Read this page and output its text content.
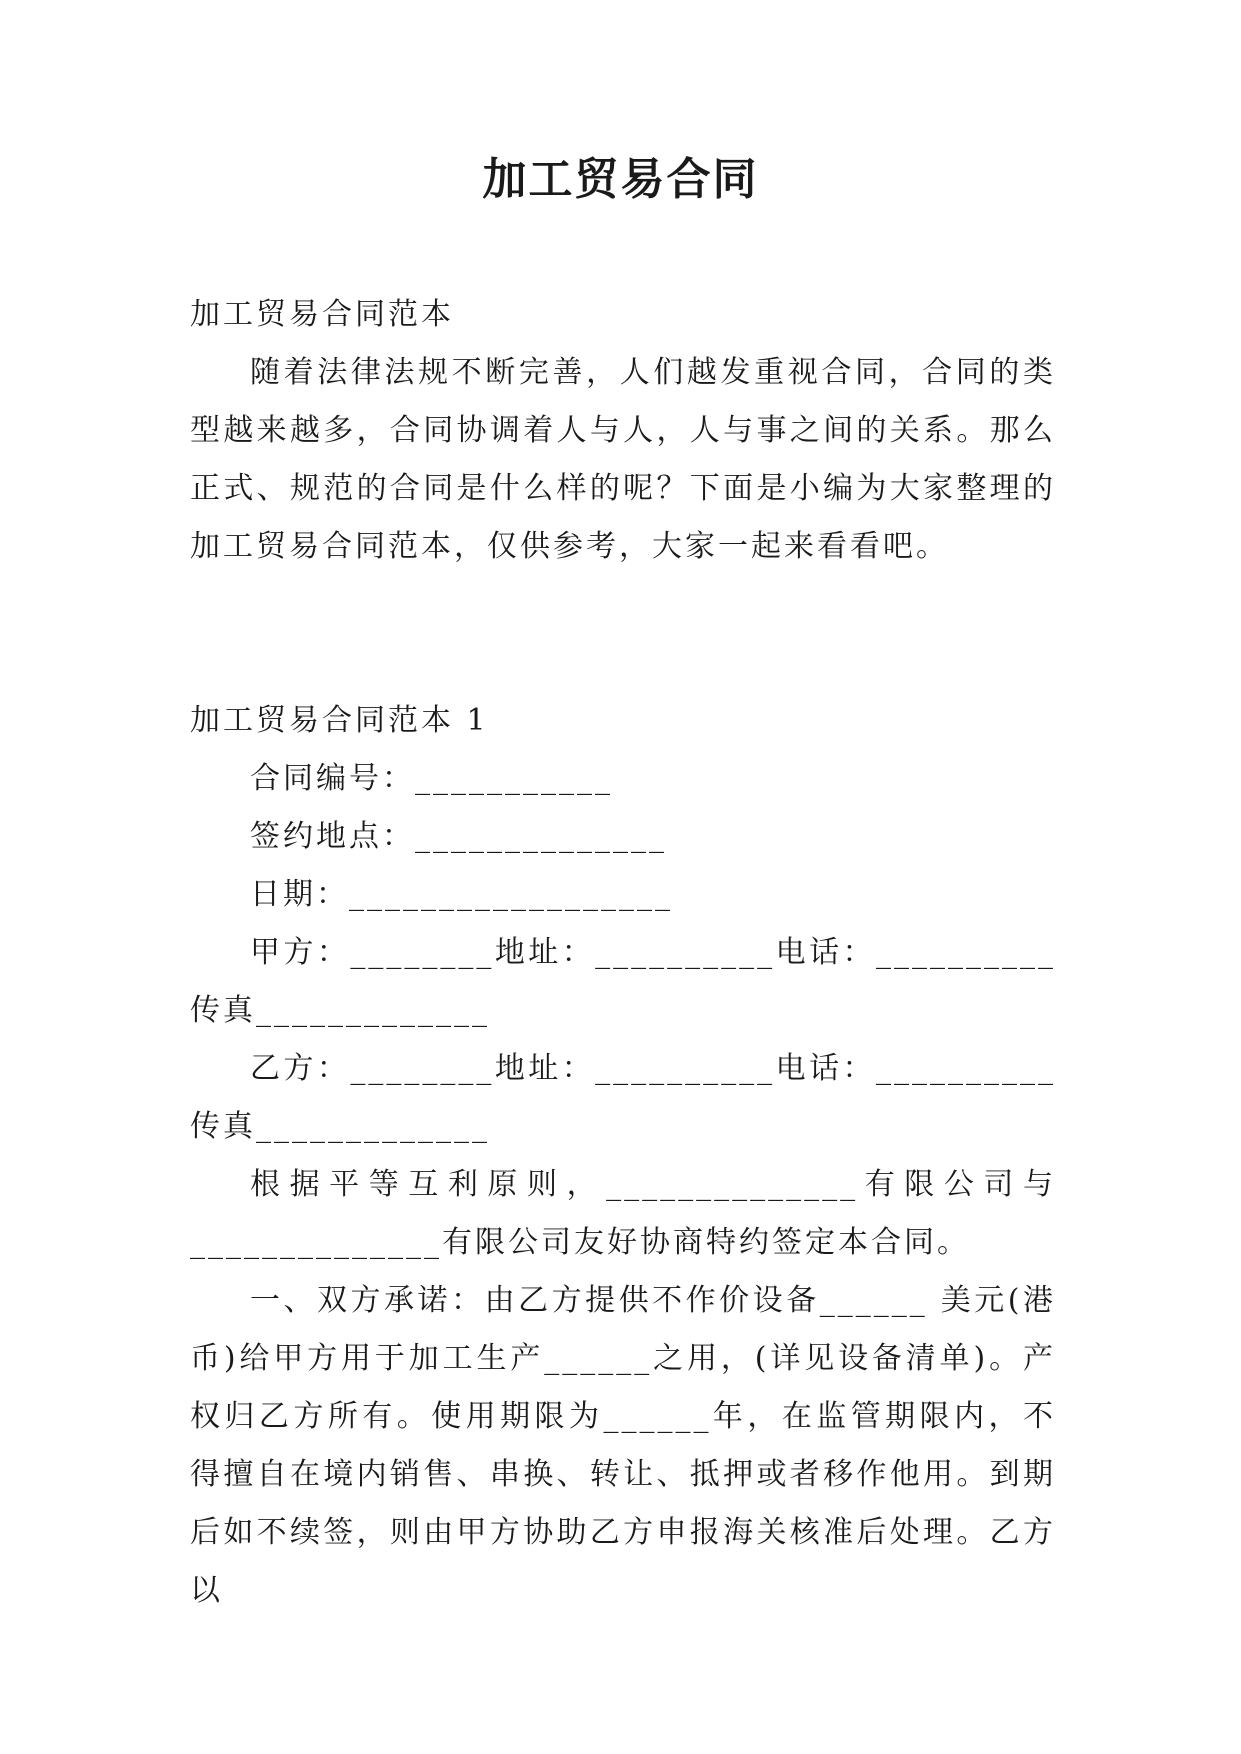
加工贸易合同

加工贸易合同范本

随着法律法规不断完善，人们越发重视合同，合同的类型越来越多，合同协调着人与人，人与事之间的关系。那么正式、规范的合同是什么样的呢？下面是小编为大家整理的加工贸易合同范本，仅供参考，大家一起来看看吧。

加工贸易合同范本 1

合同编号：___________

签约地点：______________

日期：__________________

甲方：________地址：__________电话：__________传真_____________

乙方：________地址：__________电话：__________传真_____________

根据平等互利原则，______________有限公司与______________有限公司友好协商特约签定本合同。

一、双方承诺：由乙方提供不作价设备______ 美元(港币)给甲方用于加工生产______之用，(详见设备清单)。产权归乙方所有。使用期限为______年，在监管期限内，不得擅自在境内销售、串换、转让、抵押或者移作他用。到期后如不续签，则由甲方协助乙方申报海关核准后处理。乙方以
